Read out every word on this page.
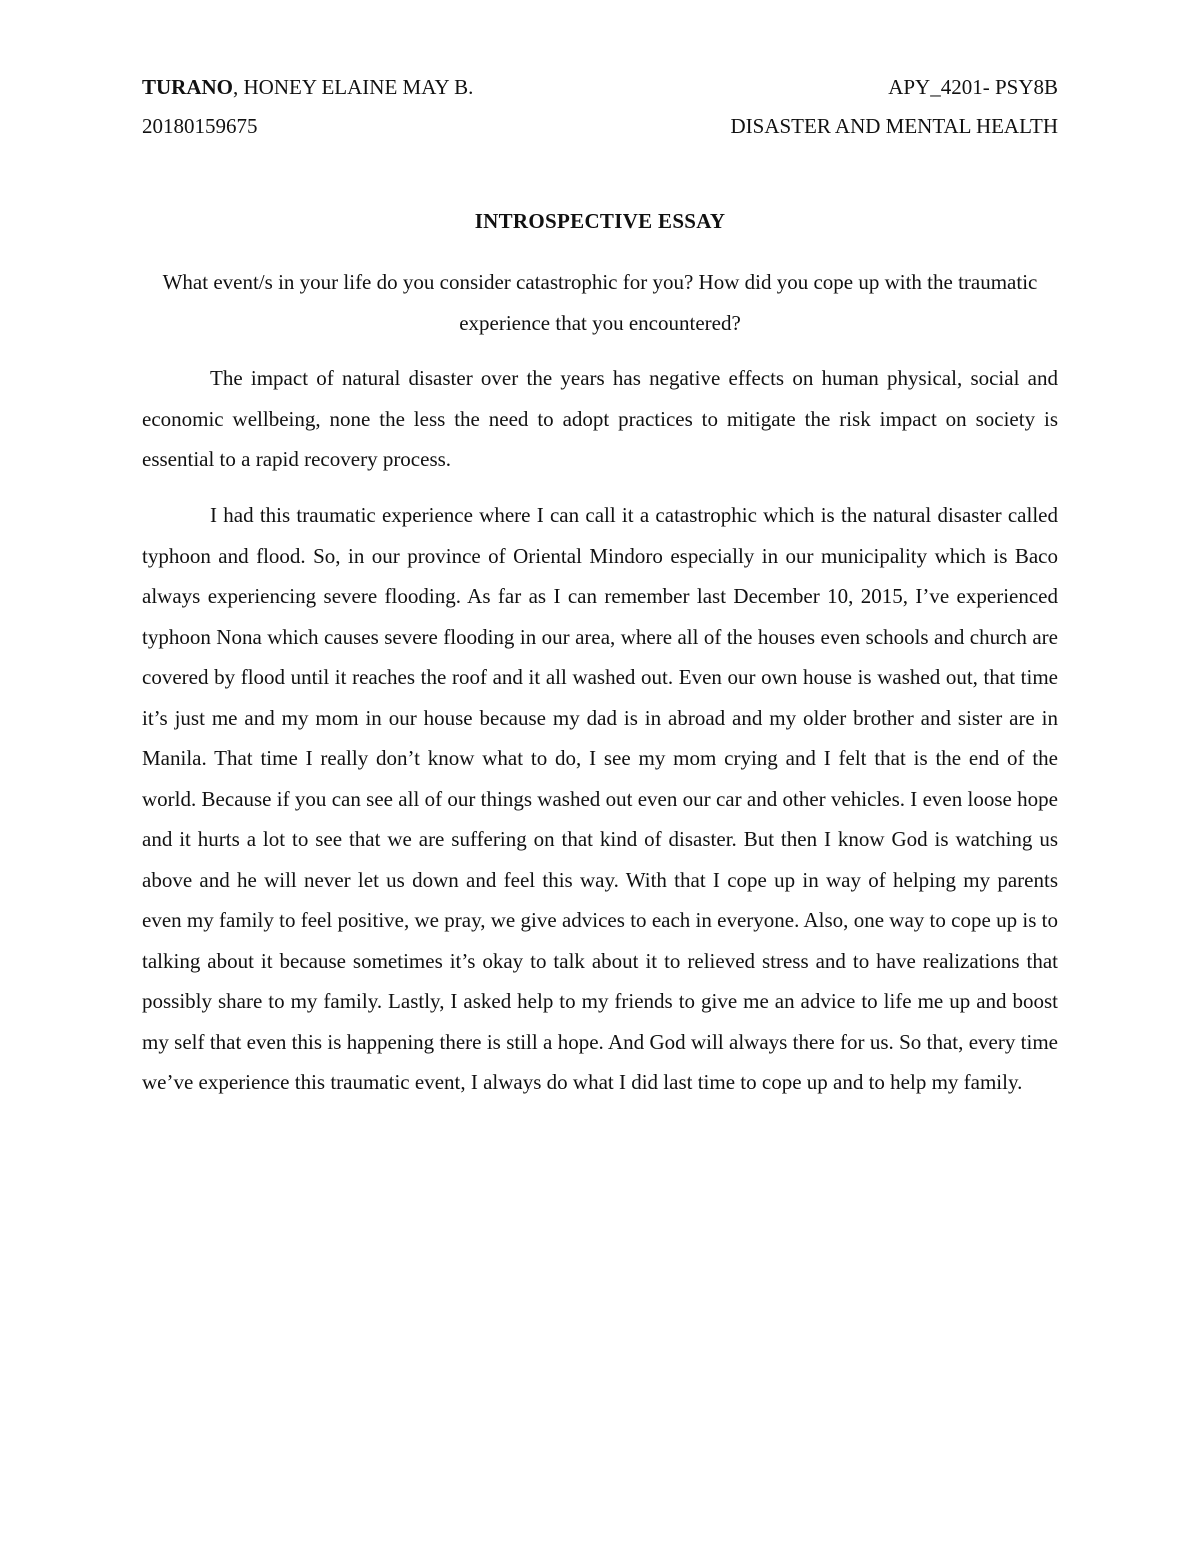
TURANO, HONEY ELAINE MAY B.	APY_4201- PSY8B
20180159675	DISASTER AND MENTAL HEALTH
INTROSPECTIVE ESSAY
What event/s in your life do you consider catastrophic for you? How did you cope up with the traumatic experience that you encountered?

The impact of natural disaster over the years has negative effects on human physical, social and economic wellbeing, none the less the need to adopt practices to mitigate the risk impact on society is essential to a rapid recovery process.

I had this traumatic experience where I can call it a catastrophic which is the natural disaster called typhoon and flood. So, in our province of Oriental Mindoro especially in our municipality which is Baco always experiencing severe flooding. As far as I can remember last December 10, 2015, I’ve experienced typhoon Nona which causes severe flooding in our area, where all of the houses even schools and church are covered by flood until it reaches the roof and it all washed out. Even our own house is washed out, that time it’s just me and my mom in our house because my dad is in abroad and my older brother and sister are in Manila. That time I really don’t know what to do, I see my mom crying and I felt that is the end of the world. Because if you can see all of our things washed out even our car and other vehicles. I even loose hope and it hurts a lot to see that we are suffering on that kind of disaster. But then I know God is watching us above and he will never let us down and feel this way. With that I cope up in way of helping my parents even my family to feel positive, we pray, we give advices to each in everyone. Also, one way to cope up is to talking about it because sometimes it’s okay to talk about it to relieved stress and to have realizations that possibly share to my family. Lastly, I asked help to my friends to give me an advice to life me up and boost my self that even this is happening there is still a hope. And God will always there for us. So that, every time we’ve experience this traumatic event, I always do what I did last time to cope up and to help my family.
